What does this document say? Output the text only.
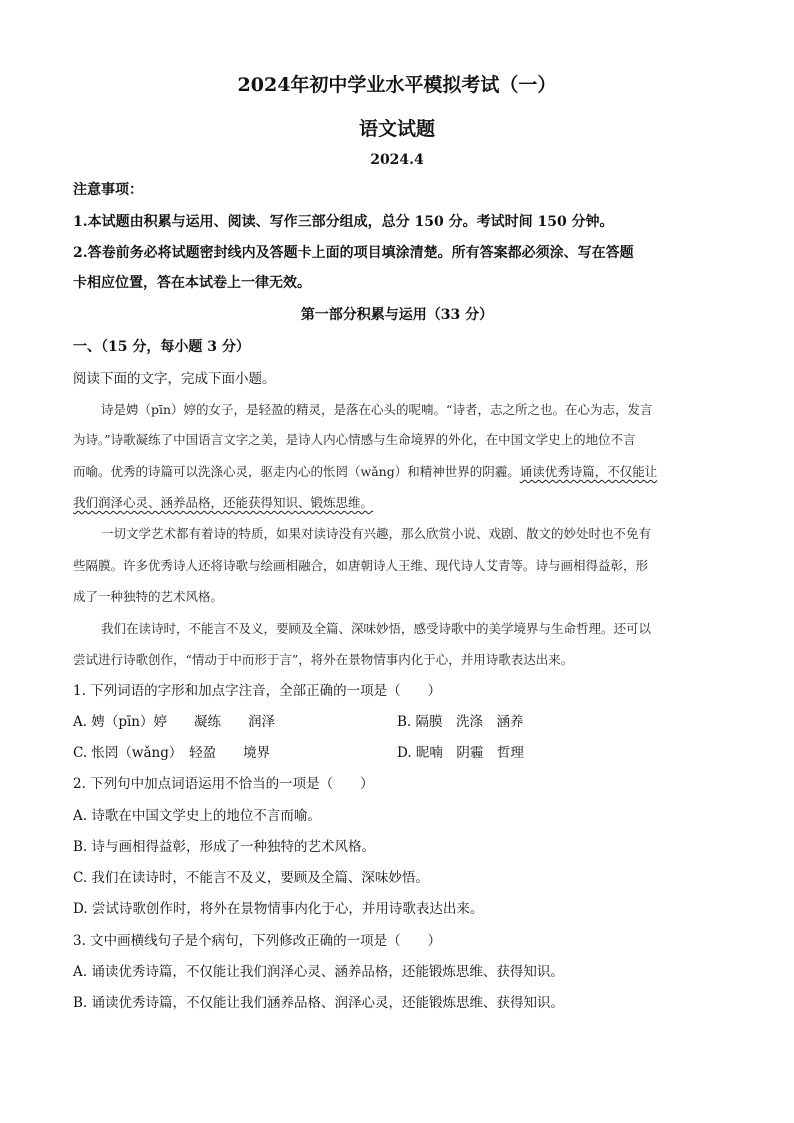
2024年初中学业水平模拟考试（一）
语文试题
2024.4
注意事项：
1.本试题由积累与运用、阅读、写作三部分组成，总分 150 分。考试时间 150 分钟。
2.答卷前务必将试题密封线内及答题卡上面的项目填涂清楚。所有答案都必须涂、写在答题
卡相应位置，答在本试卷上一律无效。
第一部分积累与运用（33 分）
一、（15 分，每小题 3 分）
阅读下面的文字，完成下面小题。
诗是娉（pīn）婷的女子，是轻盈的精灵，是落在心头的呢喃。“诗者，志之所之也。在心为志，发言
为诗。”诗歌凝练了中国语言文字之美，是诗人内心情感与生命境界的外化，在中国文学史上的地位不言
而喻。优秀的诗篇可以洗涤心灵，驱走内心的怅罔（wǎng）和精神世界的阴霾。诵读优秀诗篇，不仅能让
我们润泽心灵、涵养品格，还能获得知识、锻炼思维。
一切文学艺术都有着诗的特质，如果对读诗没有兴趣，那么欣赏小说、戏剧、散文的妙处时也不免有
些隔膜。许多优秀诗人还将诗歌与绘画相融合，如唐朝诗人王维、现代诗人艾青等。诗与画相得益彰，形
成了一种独特的艺术风格。
我们在读诗时，不能言不及义，要顾及全篇、深味妙悟，感受诗歌中的美学境界与生命哲理。还可以
尝试进行诗歌创作，“情动于中而形于言”，将外在景物情事内化于心，并用诗歌表达出来。
1. 下列词语的字形和加点字注音，全部正确的一项是（　　）
A. 娉（pīn）婷　　凝练　　润泽	B. 隔膜　洗涤　涵养
C. 怅罔（wǎng）　轻盈　　境界	D. 昵喃　阴霾　哲理
2. 下列句中加点词语运用不恰当的一项是（　　）
A. 诗歌在中国文学史上的地位不言而喻。
B. 诗与画相得益彰，形成了一种独特的艺术风格。
C. 我们在读诗时，不能言不及义，要顾及全篇、深味妙悟。
D. 尝试诗歌创作时，将外在景物情事内化于心，并用诗歌表达出来。
3. 文中画横线句子是个病句，下列修改正确的一项是（　　）
A. 诵读优秀诗篇，不仅能让我们润泽心灵、涵养品格，还能锻炼思维、获得知识。
B. 诵读优秀诗篇，不仅能让我们涵养品格、润泽心灵，还能锻炼思维、获得知识。
